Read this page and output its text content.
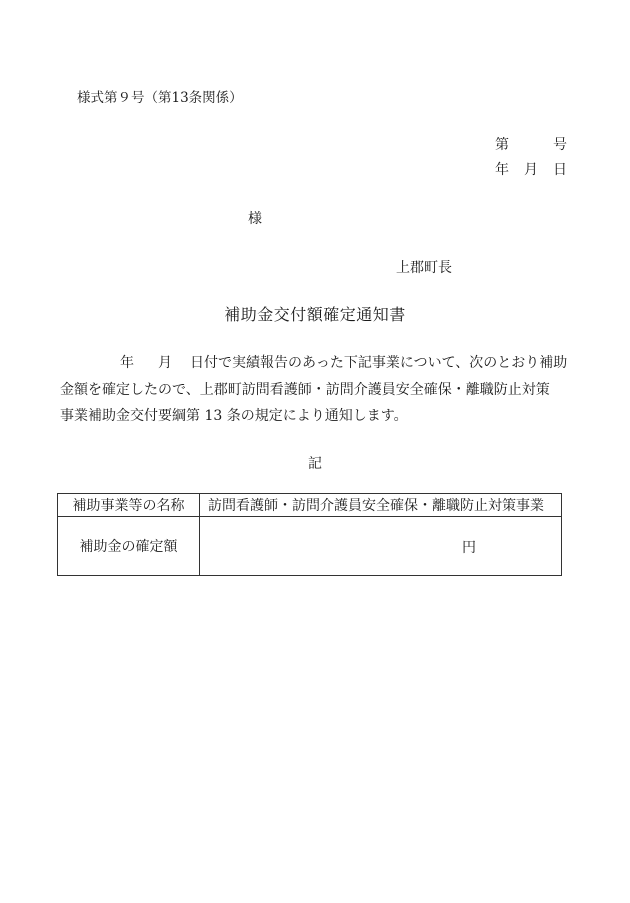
様式第９号（第13条関係）
第	号
年 月 日
様
上郡町長
補助金交付額確定通知書
年 月 日付で実績報告のあった下記事業について、次のとおり補助
金額を確定したので、上郡町訪問看護師・訪問介護員安全確保・離職防止対策
事業補助金交付要綱第 13 条の規定により通知します。
記
補助事業等の名称	訪問看護師・訪問介護員安全確保・離職防止対策事業
補助金の確定額	円
